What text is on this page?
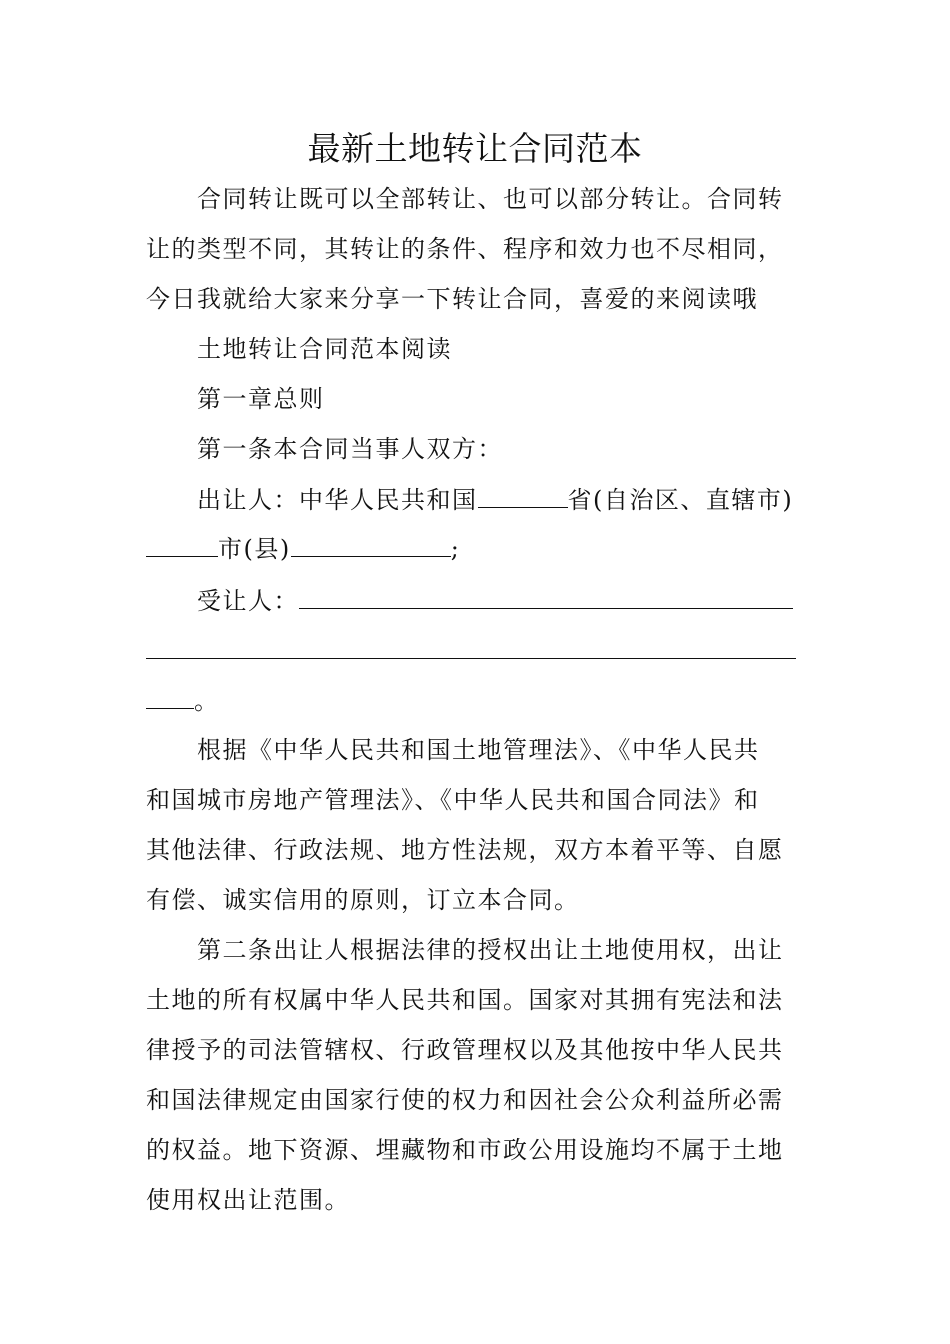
最新土地转让合同范本

合同转让既可以全部转让、也可以部分转让。合同转

让的类型不同，其转让的条件、程序和效力也不尽相同，

今日我就给大家来分享一下转让合同，喜爱的来阅读哦

土地转让合同范本阅读

第一章总则

第一条本合同当事人双方：

出让人：中华人民共和国	省(自治区、直辖市)

市(县)	;

受让人：

。

根据《中华人民共和国土地管理法》、《中华人民共

和国城市房地产管理法》、《中华人民共和国合同法》和

其他法律、行政法规、地方性法规，双方本着平等、自愿

有偿、诚实信用的原则，订立本合同。

第二条出让人根据法律的授权出让土地使用权，出让

土地的所有权属中华人民共和国。国家对其拥有宪法和法

律授予的司法管辖权、行政管理权以及其他按中华人民共

和国法律规定由国家行使的权力和因社会公众利益所必需

的权益。地下资源、埋藏物和市政公用设施均不属于土地

使用权出让范围。
